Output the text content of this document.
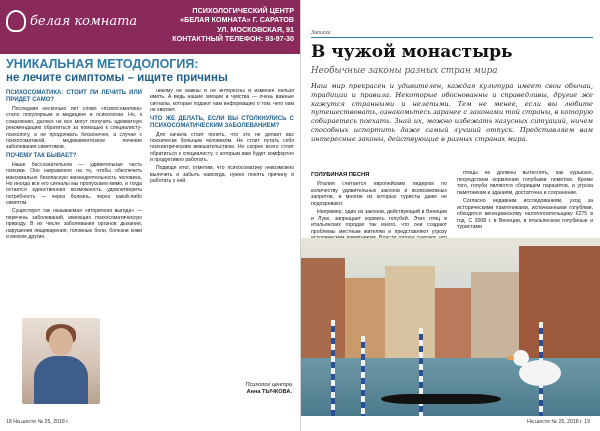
белая комната
ПСИХОЛОГИЧЕСКИЙ ЦЕНТР
«БЕЛАЯ КОМНАТА» Г. САРАТОВ
УЛ. МОСКОВСКАЯ, 91
КОНТАКТНЫЙ ТЕЛЕФОН: 93-97-30
УНИКАЛЬНАЯ МЕТОДОЛОГИЯ:
не лечите симптомы – ищите причины
ПСИХОСОМАТИКА: СТОИТ ЛИ ЛЕЧИТЬ ИЛИ ПРИДЕТ САМО?

Последние несколько лет слово «психосоматика» стало популярным в медицине и психологии. Но, к сожалению, далеко не все могут получить адекватную рекомендацию обратиться за помощью к специалисту-психологу, а не продолжать бесконечно, а случае с психосоматикой, медикаментозное лечение заболевания симптомов.

ПОЧЕМУ ТАК БЫВАЕТ?

Наше бессознательное — удивительная часть психики. Оно направлено на то, чтобы обеспечить максимально безопасную жизнедеятельность человека. Но иногда все его сигналы мы пропускаем мимо, и тогда остается единственная возможность удовлетворить потребность — через болезнь, через какой-либо симптом.

Существует так называемая «вторичная выгода» — перечень заболеваний, имеющих психосоматическую природу. В их числе заболевания органов дыхания, нарушения пищеварения, головные боли, болезни кожи и многие другие.

никому не важны и не интересны и изменее нельзя иметь. А ведь нашие эмоции и чувства — очень важные сигналы, которые подают нам информацию о том, чего нам не хватает.

ЧТО ЖЕ ДЕЛАТЬ, ЕСЛИ ВЫ СТОЛКНУЛИСЬ С ПСИХОСОМАТИЧЕСКИМ ЗАБОЛЕВАНИЕМ?

Для начала стоит понять, что это не делает вас психически больным человеком. Не стоит путать себя психиатрическим вмешательством. Но скорее всего стоит обратиться к специалисту, с которым вам будет комфортно и продуктивно работать.

Подводя итог, отметим, что психосоматику невозможно вылечить и забыть навсегда, нужно понять причину и работать с ней.

Психолог центра
Анна ТЫЧКОВА.
18 На шесте № 25, 2018 г.
Записки
В чужой монастырь
Необычные законы разных стран мира
Наш мир прекрасен и удивителен, каждая культура имеет свои обычаи, традиции и правила. Некоторые обоснованны и справедливы, другие же кажутся странными и нелепыми. Тем не менее, если вы любите путешествовать, ознакомьтесь заранее с законами той страны, в которую собираетесь поехать. Знай их, можно избежать казусных ситуаций, ничем способных испортить даже самый лучший отпуск. Представляем вам интересные законы, действующие в разных странах мира.
ГОЛУБИНАЯ ПЕСНЯ

Италия считается европейским лидером по количеству удивительных законов и всевозможных запретов, и многие из которых туристы даже не подозревают.

Например, один из законов, действующий в Венеции и Луке, запрещает кормить голубей. Этих птиц в итальянских городах так много, что они создают проблемы местным жителям и представляют угрозу

птицы не должны вытеснять, как курьезно, посредством кормления голубыми помётом. Кроме того, голуби являются сборищем паразитов, и угроза памятникам и зданиям, достаточна и сохранение.

Согласно недавним исследованиям, уход за историческими памятниками, испачканными голубями, обходится венецианскому налогоплательщику €275 в год. С 2008 г. в Венеции, в итальянском голубиные и туристами

На шесте № 25, 2018 г. 19
